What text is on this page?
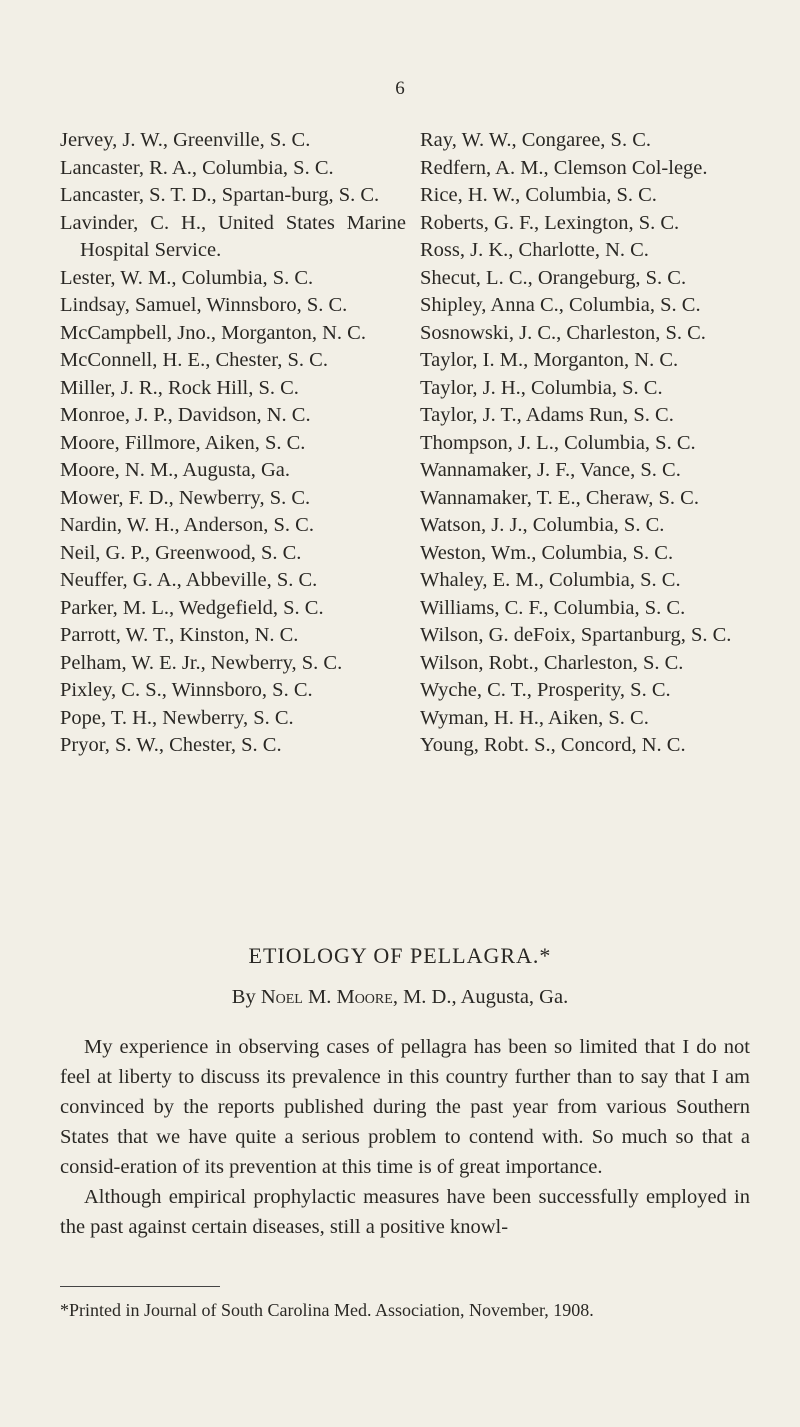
6
Jervey, J. W., Greenville, S. C.
Lancaster, R. A., Columbia, S. C.
Lancaster, S. T. D., Spartan-burg, S. C.
Lavinder, C. H., United States Marine Hospital Service.
Lester, W. M., Columbia, S. C.
Lindsay, Samuel, Winnsboro, S. C.
McCampbell, Jno., Morganton, N. C.
McConnell, H. E., Chester, S. C.
Miller, J. R., Rock Hill, S. C.
Monroe, J. P., Davidson, N. C.
Moore, Fillmore, Aiken, S. C.
Moore, N. M., Augusta, Ga.
Mower, F. D., Newberry, S. C.
Nardin, W. H., Anderson, S. C.
Neil, G. P., Greenwood, S. C.
Neuffer, G. A., Abbeville, S. C.
Parker, M. L., Wedgefield, S. C.
Parrott, W. T., Kinston, N. C.
Pelham, W. E. Jr., Newberry, S. C.
Pixley, C. S., Winnsboro, S. C.
Pope, T. H., Newberry, S. C.
Pryor, S. W., Chester, S. C.
Ray, W. W., Congaree, S. C.
Redfern, A. M., Clemson Col-lege.
Rice, H. W., Columbia, S. C.
Roberts, G. F., Lexington, S. C.
Ross, J. K., Charlotte, N. C.
Shecut, L. C., Orangeburg, S. C.
Shipley, Anna C., Columbia, S. C.
Sosnowski, J. C., Charleston, S. C.
Taylor, I. M., Morganton, N. C.
Taylor, J. H., Columbia, S. C.
Taylor, J. T., Adams Run, S. C.
Thompson, J. L., Columbia, S. C.
Wannamaker, J. F., Vance, S. C.
Wannamaker, T. E., Cheraw, S. C.
Watson, J. J., Columbia, S. C.
Weston, Wm., Columbia, S. C.
Whaley, E. M., Columbia, S. C.
Williams, C. F., Columbia, S. C.
Wilson, G. deFoix, Spartanburg, S. C.
Wilson, Robt., Charleston, S. C.
Wyche, C. T., Prosperity, S. C.
Wyman, H. H., Aiken, S. C.
Young, Robt. S., Concord, N. C.
ETIOLOGY OF PELLAGRA.*
By Noel M. Moore, M. D., Augusta, Ga.

My experience in observing cases of pellagra has been so limited that I do not feel at liberty to discuss its prevalence in this country further than to say that I am convinced by the reports published during the past year from various Southern States that we have quite a serious problem to contend with. So much so that a consid-eration of its prevention at this time is of great importance.

Although empirical prophylactic measures have been successfully employed in the past against certain diseases, still a positive knowl-

*Printed in Journal of South Carolina Med. Association, November, 1908.
